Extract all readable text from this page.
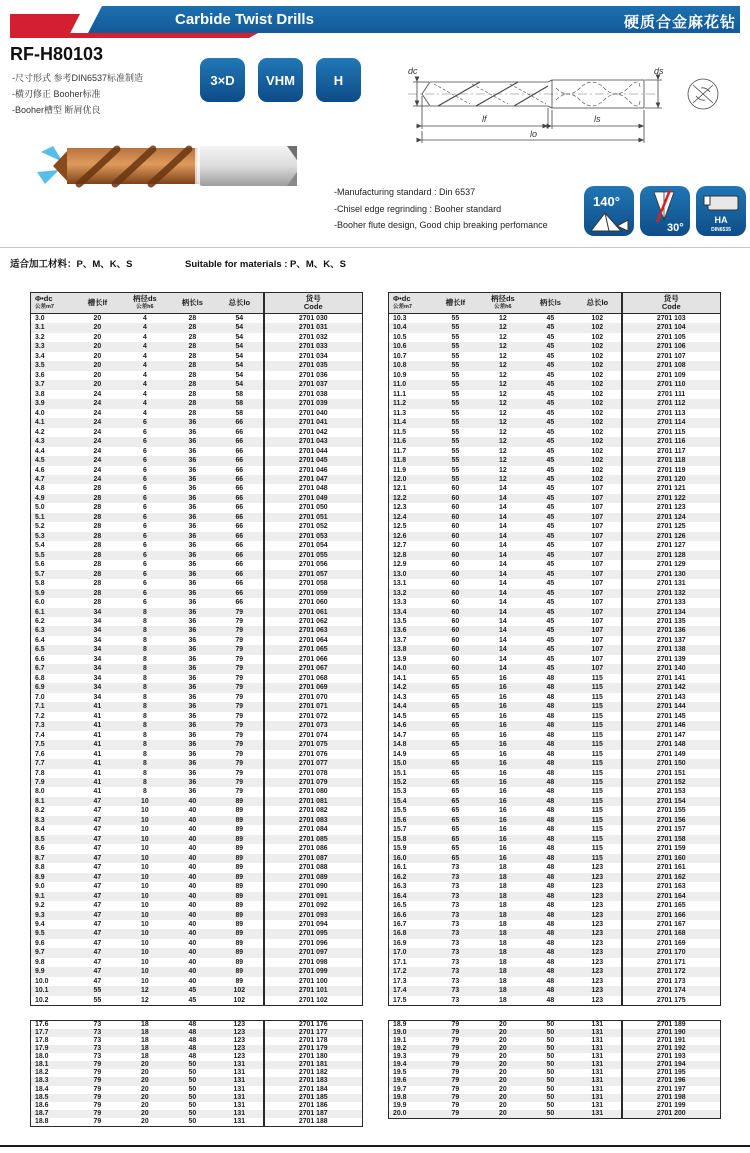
Carbide Twist Drills	硬质合金麻花钻
RF-H80103
-尺寸形式 参考DIN6537标准制造
-横刃修正 Booher标准
-Booher槽型 断屑优良
3×D	VHM	H
dc	ds
lf	ls
lo
-Manufacturing standard : Din 6537
-Chisel edge regrinding : Booher standard
-Booher flute design, Good chip breaking perfomance
140°
30°
HA
DIN6535
适合加工材料：P、M、K、S	Suitable for materials : P、M、K、S
Φ•dc
公差m7	槽长lf	柄径ds
公差h6	柄长ls	总长lo	货号
Code

3.0	20	4	28	54	2701 030
3.1	20	4	28	54	2701 031
3.2	20	4	28	54	2701 032
3.3	20	4	28	54	2701 033
3.4	20	4	28	54	2701 034
3.5	20	4	28	54	2701 035
3.6	20	4	28	54	2701 036
3.7	20	4	28	54	2701 037
3.8	24	4	28	58	2701 038
3.9	24	4	28	58	2701 039
4.0	24	4	28	58	2701 040
4.1	24	6	36	66	2701 041
4.2	24	6	36	66	2701 042
4.3	24	6	36	66	2701 043
4.4	24	6	36	66	2701 044
4.5	24	6	36	66	2701 045
4.6	24	6	36	66	2701 046
4.7	24	6	36	66	2701 047
4.8	28	6	36	66	2701 048
4.9	28	6	36	66	2701 049
5.0	28	6	36	66	2701 050
5.1	28	6	36	66	2701 051
5.2	28	6	36	66	2701 052
5.3	28	6	36	66	2701 053
5.4	28	6	36	66	2701 054
5.5	28	6	36	66	2701 055
5.6	28	6	36	66	2701 056
5.7	28	6	36	66	2701 057
5.8	28	6	36	66	2701 058
5.9	28	6	36	66	2701 059
6.0	28	6	36	66	2701 060
6.1	34	8	36	79	2701 061
6.2	34	8	36	79	2701 062
6.3	34	8	36	79	2701 063
6.4	34	8	36	79	2701 064
6.5	34	8	36	79	2701 065
6.6	34	8	36	79	2701 066
6.7	34	8	36	79	2701 067
6.8	34	8	36	79	2701 068
6.9	34	8	36	79	2701 069
7.0	34	8	36	79	2701 070
7.1	41	8	36	79	2701 071
7.2	41	8	36	79	2701 072
7.3	41	8	36	79	2701 073
7.4	41	8	36	79	2701 074
7.5	41	8	36	79	2701 075
7.6	41	8	36	79	2701 076
7.7	41	8	36	79	2701 077
7.8	41	8	36	79	2701 078
7.9	41	8	36	79	2701 079
8.0	41	8	36	79	2701 080
8.1	47	10	40	89	2701 081
8.2	47	10	40	89	2701 082
8.3	47	10	40	89	2701 083
8.4	47	10	40	89	2701 084
8.5	47	10	40	89	2701 085
8.6	47	10	40	89	2701 086
8.7	47	10	40	89	2701 087
8.8	47	10	40	89	2701 088
8.9	47	10	40	89	2701 089
9.0	47	10	40	89	2701 090
9.1	47	10	40	89	2701 091
9.2	47	10	40	89	2701 092
9.3	47	10	40	89	2701 093
9.4	47	10	40	89	2701 094
9.5	47	10	40	89	2701 095
9.6	47	10	40	89	2701 096
9.7	47	10	40	89	2701 097
9.8	47	10	40	89	2701 098
9.9	47	10	40	89	2701 099
10.0	47	10	40	89	2701 100
10.1	55	12	45	102	2701 101
10.2	55	12	45	102	2701 102
Φ•dc
公差m7	槽长lf	柄径ds
公差h6	柄长ls	总长lo	货号
Code

10.3	55	12	45	102	2701 103
10.4	55	12	45	102	2701 104
10.5	55	12	45	102	2701 105
10.6	55	12	45	102	2701 106
10.7	55	12	45	102	2701 107
10.8	55	12	45	102	2701 108
10.9	55	12	45	102	2701 109
11.0	55	12	45	102	2701 110
11.1	55	12	45	102	2701 111
11.2	55	12	45	102	2701 112
11.3	55	12	45	102	2701 113
11.4	55	12	45	102	2701 114
11.5	55	12	45	102	2701 115
11.6	55	12	45	102	2701 116
11.7	55	12	45	102	2701 117
11.8	55	12	45	102	2701 118
11.9	55	12	45	102	2701 119
12.0	55	12	45	102	2701 120
12.1	60	14	45	107	2701 121
12.2	60	14	45	107	2701 122
12.3	60	14	45	107	2701 123
12.4	60	14	45	107	2701 124
12.5	60	14	45	107	2701 125
12.6	60	14	45	107	2701 126
12.7	60	14	45	107	2701 127
12.8	60	14	45	107	2701 128
12.9	60	14	45	107	2701 129
13.0	60	14	45	107	2701 130
13.1	60	14	45	107	2701 131
13.2	60	14	45	107	2701 132
13.3	60	14	45	107	2701 133
13.4	60	14	45	107	2701 134
13.5	60	14	45	107	2701 135
13.6	60	14	45	107	2701 136
13.7	60	14	45	107	2701 137
13.8	60	14	45	107	2701 138
13.9	60	14	45	107	2701 139
14.0	60	14	45	107	2701 140
14.1	65	16	48	115	2701 141
14.2	65	16	48	115	2701 142
14.3	65	16	48	115	2701 143
14.4	65	16	48	115	2701 144
14.5	65	16	48	115	2701 145
14.6	65	16	48	115	2701 146
14.7	65	16	48	115	2701 147
14.8	65	16	48	115	2701 148
14.9	65	16	48	115	2701 149
15.0	65	16	48	115	2701 150
15.1	65	16	48	115	2701 151
15.2	65	16	48	115	2701 152
15.3	65	16	48	115	2701 153
15.4	65	16	48	115	2701 154
15.5	65	16	48	115	2701 155
15.6	65	16	48	115	2701 156
15.7	65	16	48	115	2701 157
15.8	65	16	48	115	2701 158
15.9	65	16	48	115	2701 159
16.0	65	16	48	115	2701 160
16.1	73	18	48	123	2701 161
16.2	73	18	48	123	2701 162
16.3	73	18	48	123	2701 163
16.4	73	18	48	123	2701 164
16.5	73	18	48	123	2701 165
16.6	73	18	48	123	2701 166
16.7	73	18	48	123	2701 167
16.8	73	18	48	123	2701 168
16.9	73	18	48	123	2701 169
17.0	73	18	48	123	2701 170
17.1	73	18	48	123	2701 171
17.2	73	18	48	123	2701 172
17.3	73	18	48	123	2701 173
17.4	73	18	48	123	2701 174
17.5	73	18	48	123	2701 175
17.6	73	18	48	123	2701 176
17.7	73	18	48	123	2701 177
17.8	73	18	48	123	2701 178
17.9	73	18	48	123	2701 179
18.0	73	18	48	123	2701 180
18.1	79	20	50	131	2701 181
18.2	79	20	50	131	2701 182
18.3	79	20	50	131	2701 183
18.4	79	20	50	131	2701 184
18.5	79	20	50	131	2701 185
18.6	79	20	50	131	2701 186
18.7	79	20	50	131	2701 187
18.8	79	20	50	131	2701 188
18.9	79	20	50	131	2701 189
19.0	79	20	50	131	2701 190
19.1	79	20	50	131	2701 191
19.2	79	20	50	131	2701 192
19.3	79	20	50	131	2701 193
19.4	79	20	50	131	2701 194
19.5	79	20	50	131	2701 195
19.6	79	20	50	131	2701 196
19.7	79	20	50	131	2701 197
19.8	79	20	50	131	2701 198
19.9	79	20	50	131	2701 199
20.0	79	20	50	131	2701 200
